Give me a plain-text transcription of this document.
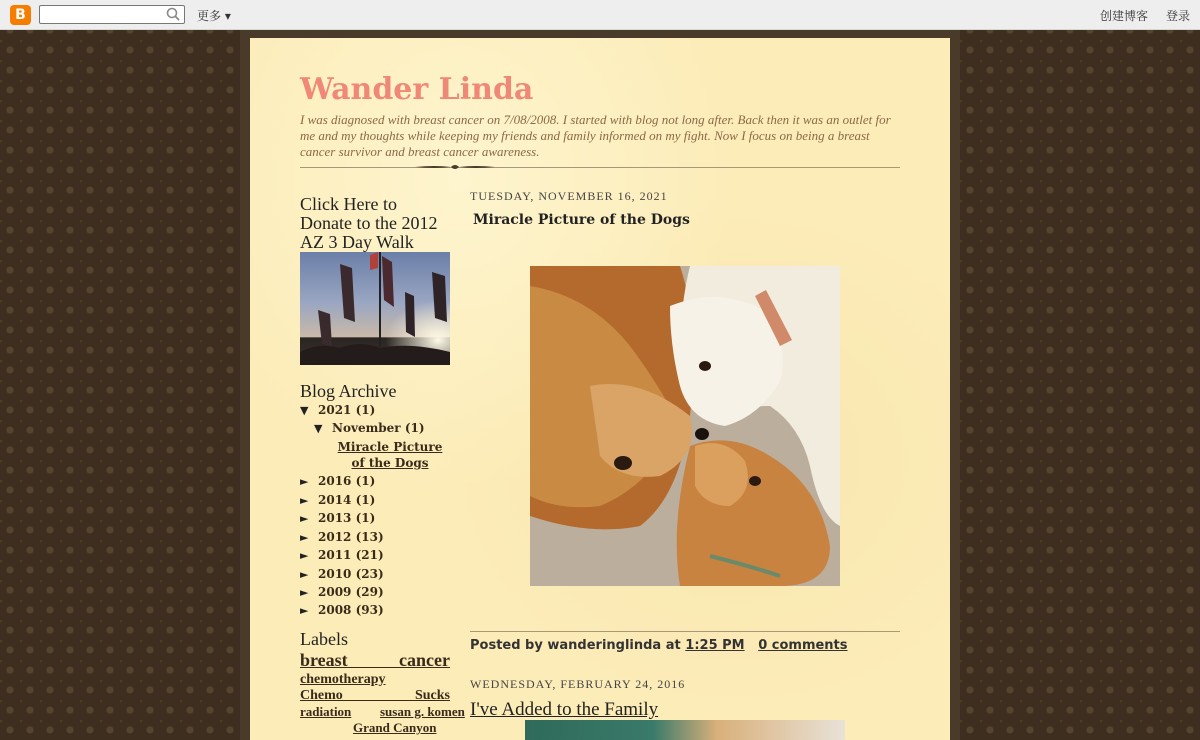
B	更多 ▾	创建博客 登录
Wander Linda
I was diagnosed with breast cancer on 7/08/2008. I started with blog not long after. Back then it was an outlet for me and my thoughts while keeping my friends and family informed on my fight. Now I focus on being a breast cancer survivor and breast cancer awareness.
Click Here to Donate to the 2012 AZ 3 Day Walk
Blog Archive
▼ 2021 (1)
▼ November (1)
Miracle Picture of the Dogs
► 2016 (1)
► 2014 (1)
► 2013 (1)
► 2012 (13)
► 2011 (21)
► 2010 (23)
► 2009 (29)
► 2008 (93)
Labels
breast cancer
chemotherapy
Chemo Sucks
radiation susan g. komen
Grand Canyon
TUESDAY, NOVEMBER 16, 2021
Miracle Picture of the Dogs
Posted by wanderinglinda at 1:25 PM 0 comments
WEDNESDAY, FEBRUARY 24, 2016
I've Added to the Family
